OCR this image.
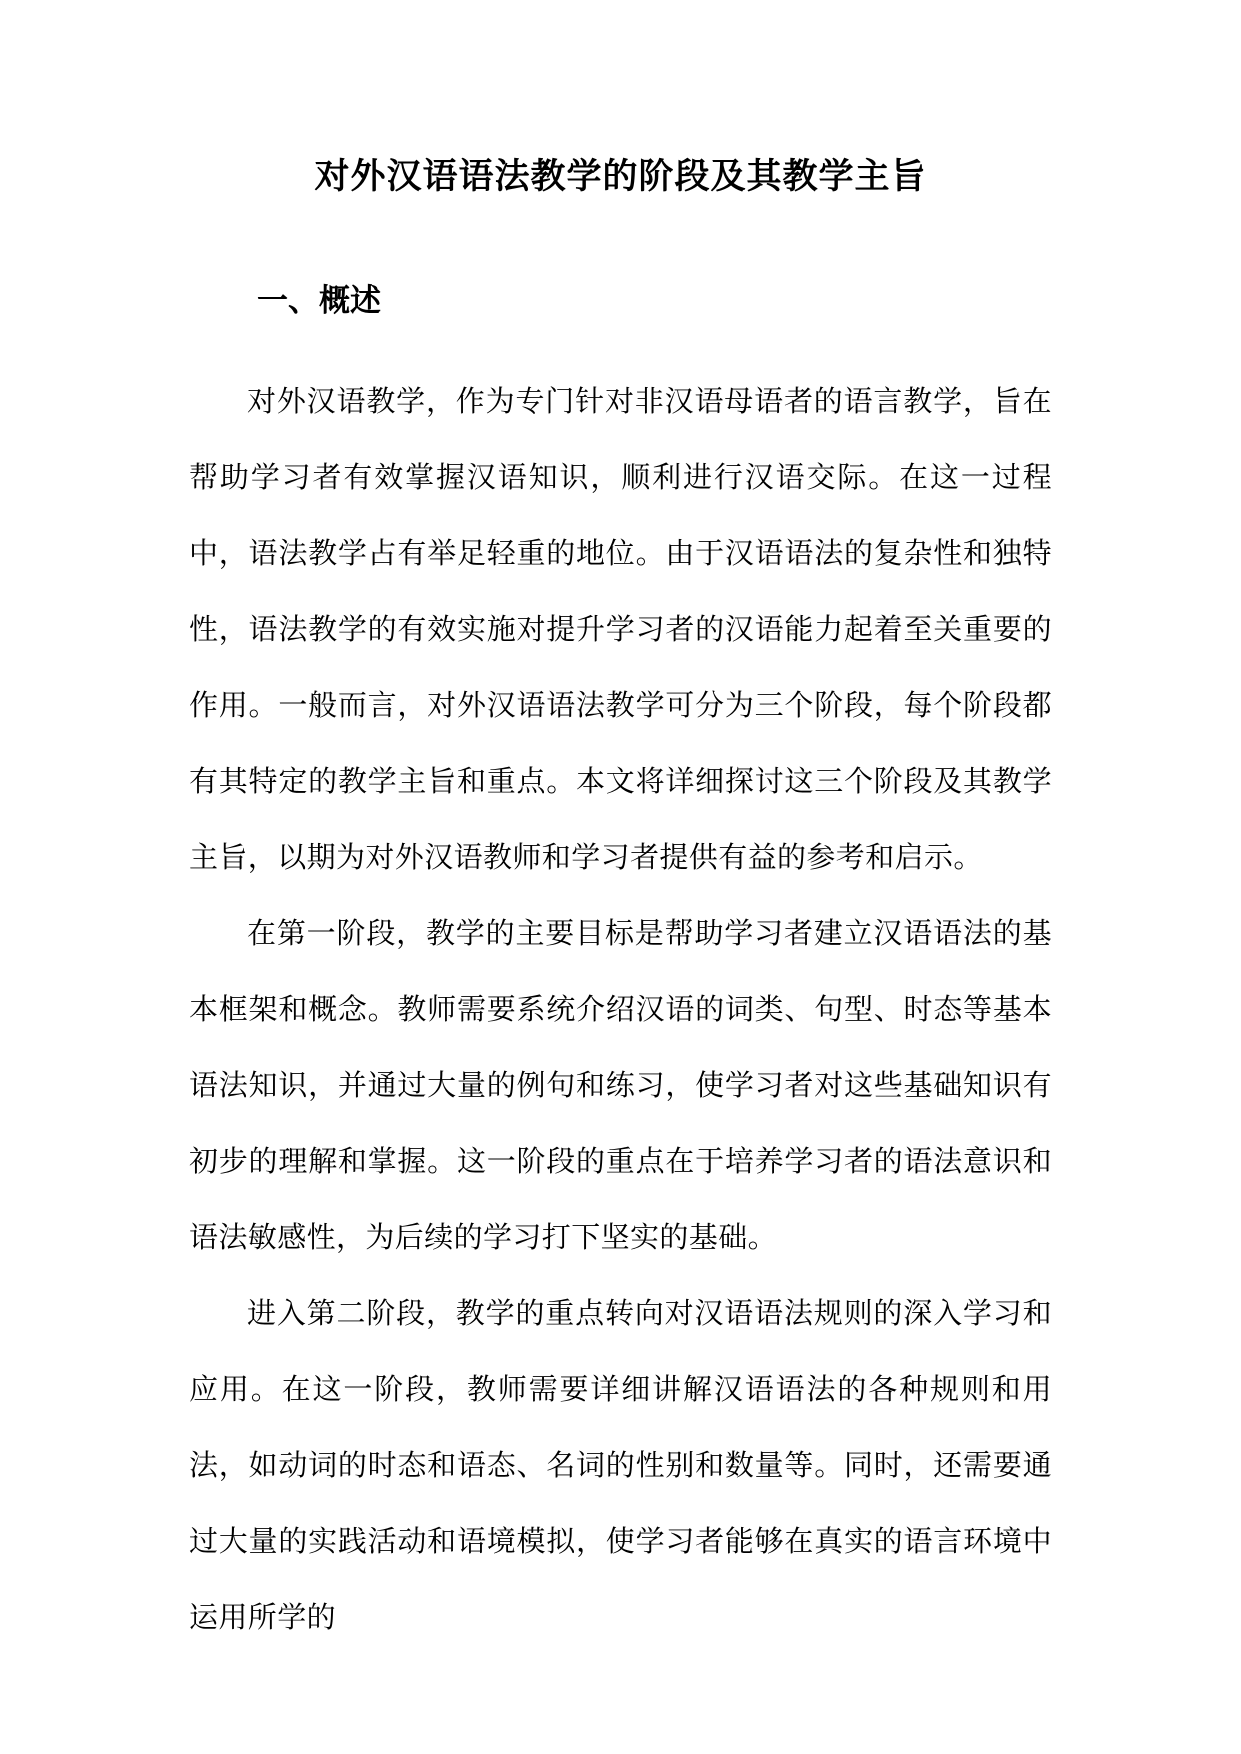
对外汉语语法教学的阶段及其教学主旨
一、概述

对外汉语教学，作为专门针对非汉语母语者的语言教学，旨在帮助学习者有效掌握汉语知识，顺利进行汉语交际。在这一过程中，语法教学占有举足轻重的地位。由于汉语语法的复杂性和独特性，语法教学的有效实施对提升学习者的汉语能力起着至关重要的作用。一般而言，对外汉语语法教学可分为三个阶段，每个阶段都有其特定的教学主旨和重点。本文将详细探讨这三个阶段及其教学主旨，以期为对外汉语教师和学习者提供有益的参考和启示。

在第一阶段，教学的主要目标是帮助学习者建立汉语语法的基本框架和概念。教师需要系统介绍汉语的词类、句型、时态等基本语法知识，并通过大量的例句和练习，使学习者对这些基础知识有初步的理解和掌握。这一阶段的重点在于培养学习者的语法意识和语法敏感性，为后续的学习打下坚实的基础。

进入第二阶段，教学的重点转向对汉语语法规则的深入学习和应用。在这一阶段，教师需要详细讲解汉语语法的各种规则和用法，如动词的时态和语态、名词的性别和数量等。同时，还需要通过大量的实践活动和语境模拟，使学习者能够在真实的语言环境中运用所学的
